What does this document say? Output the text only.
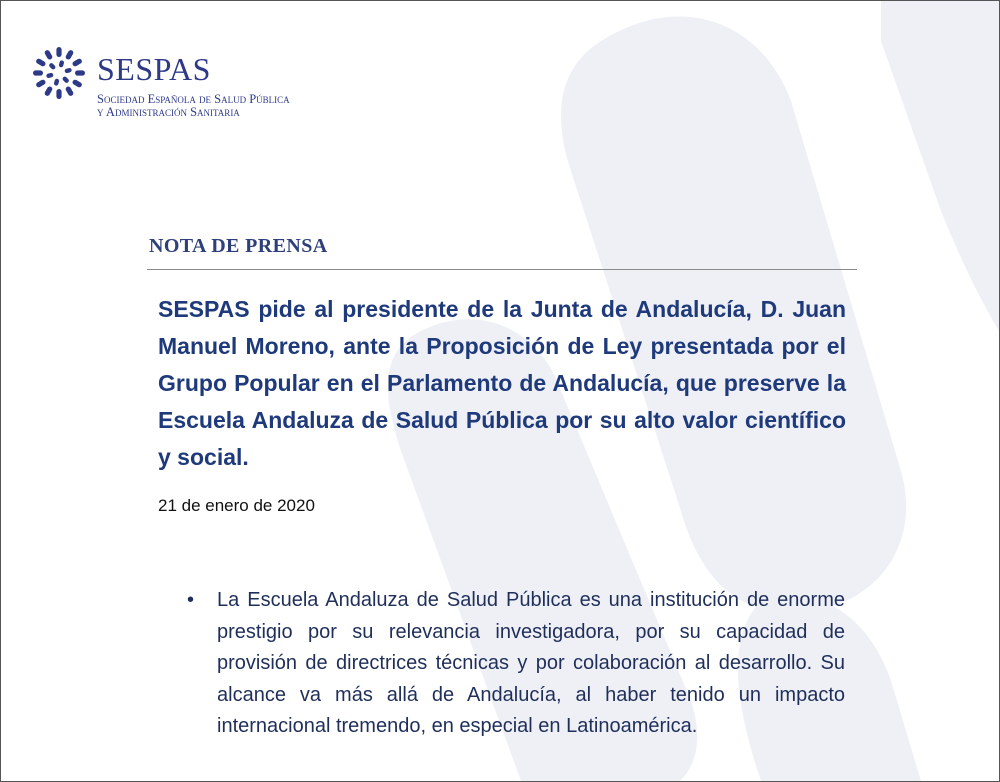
SESPAS
Sociedad Española de Salud Pública
y Administración Sanitaria
NOTA DE PRENSA
SESPAS pide al presidente de la Junta de Andalucía, D. Juan Manuel Moreno, ante la Proposición de Ley presentada por el Grupo Popular en el Parlamento de Andalucía, que preserve la Escuela Andaluza de Salud Pública por su alto valor científico y social.
21 de enero de 2020
• La Escuela Andaluza de Salud Pública es una institución de enorme prestigio por su relevancia investigadora, por su capacidad de provisión de directrices técnicas y por colaboración al desarrollo. Su alcance va más allá de Andalucía, al haber tenido un impacto internacional tremendo, en especial en Latinoamérica.
